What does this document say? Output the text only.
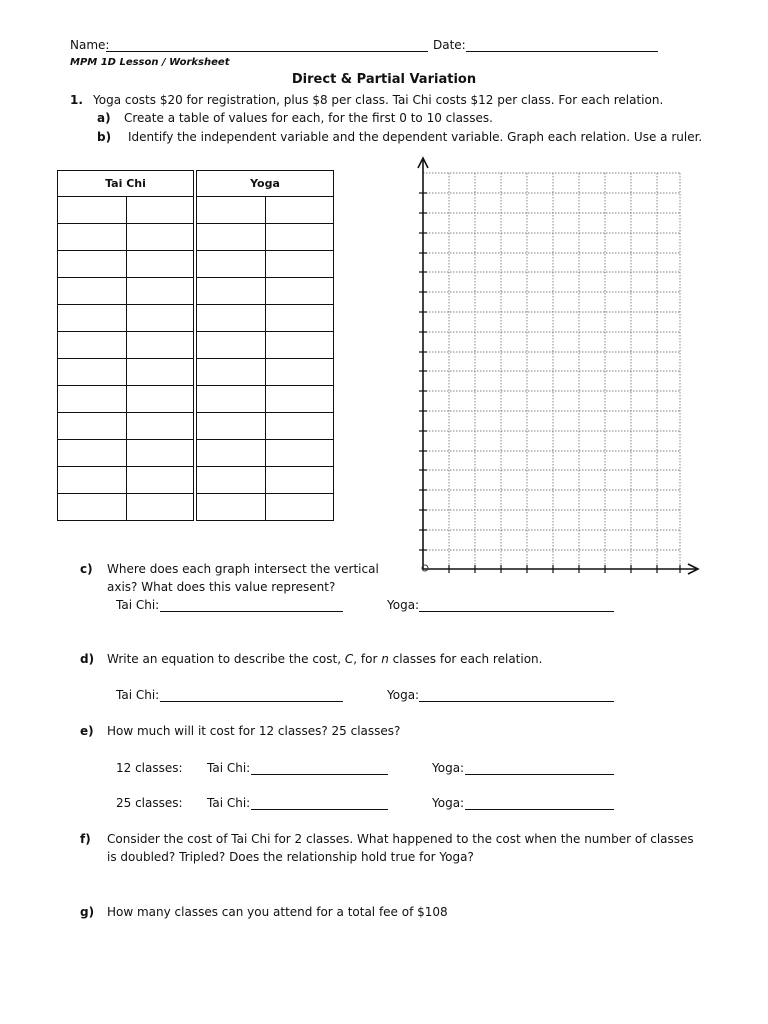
Name:	Date:
MPM 1D Lesson / Worksheet
Direct & Partial Variation
1. Yoga costs $20 for registration, plus $8 per class. Tai Chi costs $12 per class. For each relation.
a) Create a table of values for each, for the first 0 to 10 classes.
b) Identify the independent variable and the dependent variable. Graph each relation. Use a ruler.
Tai Chi	

		Yoga	

c) Where does each graph intersect the vertical
axis? What does this value represent?
Tai Chi:	Yoga:
d) Write an equation to describe the cost, C, for n classes for each relation.
Tai Chi:	Yoga:
e) How much will it cost for 12 classes? 25 classes?
12 classes: Tai Chi:	Yoga:
25 classes: Tai Chi:	Yoga:
f) Consider the cost of Tai Chi for 2 classes. What happened to the cost when the number of classes
is doubled? Tripled? Does the relationship hold true for Yoga?
g) How many classes can you attend for a total fee of $108
